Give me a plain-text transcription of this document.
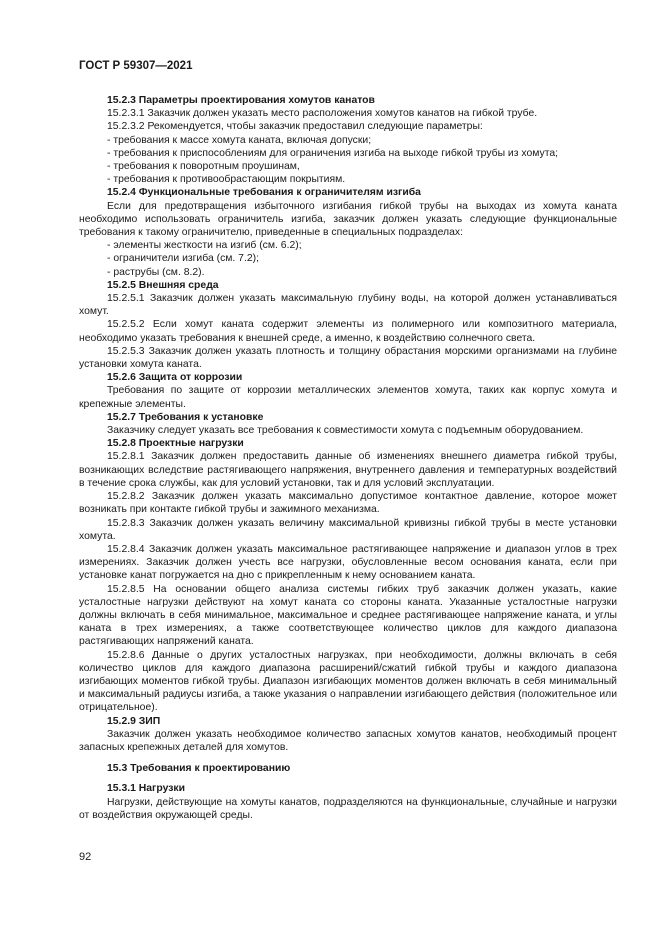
ГОСТ Р 59307—2021
15.2.3 Параметры проектирования хомутов канатов
15.2.3.1 Заказчик должен указать место расположения хомутов канатов на гибкой трубе.
15.2.3.2 Рекомендуется, чтобы заказчик предоставил следующие параметры:
- требования к массе хомута каната, включая допуски;
- требования к приспособлениям для ограничения изгиба на выходе гибкой трубы из хомута;
- требования к поворотным проушинам,
- требования к противообрастающим покрытиям.
15.2.4 Функциональные требования к ограничителям изгиба
Если для предотвращения избыточного изгибания гибкой трубы на выходах из хомута каната необходимо использовать ограничитель изгиба, заказчик должен указать следующие функциональные требования к такому ограничителю, приведенные в специальных подразделах:
- элементы жесткости на изгиб (см. 6.2);
- ограничители изгиба (см. 7.2);
- раструбы (см. 8.2).
15.2.5 Внешняя среда
15.2.5.1 Заказчик должен указать максимальную глубину воды, на которой должен устанавливаться хомут.
15.2.5.2 Если хомут каната содержит элементы из полимерного или композитного материала, необходимо указать требования к внешней среде, а именно, к воздействию солнечного света.
15.2.5.3 Заказчик должен указать плотность и толщину обрастания морскими организмами на глубине установки хомута каната.
15.2.6 Защита от коррозии
Требования по защите от коррозии металлических элементов хомута, таких как корпус хомута и крепежные элементы.
15.2.7 Требования к установке
Заказчику следует указать все требования к совместимости хомута с подъемным оборудованием.
15.2.8 Проектные нагрузки
15.2.8.1 Заказчик должен предоставить данные об изменениях внешнего диаметра гибкой трубы, возникающих вследствие растягивающего напряжения, внутреннего давления и температурных воздействий в течение срока службы, как для условий установки, так и для условий эксплуатации.
15.2.8.2 Заказчик должен указать максимально допустимое контактное давление, которое может возникать при контакте гибкой трубы и зажимного механизма.
15.2.8.3 Заказчик должен указать величину максимальной кривизны гибкой трубы в месте установки хомута.
15.2.8.4 Заказчик должен указать максимальное растягивающее напряжение и диапазон углов в трех измерениях. Заказчик должен учесть все нагрузки, обусловленные весом основания каната, если при установке канат погружается на дно с прикрепленным к нему основанием каната.
15.2.8.5 На основании общего анализа системы гибких труб заказчик должен указать, какие усталостные нагрузки действуют на хомут каната со стороны каната. Указанные усталостные нагрузки должны включать в себя минимальное, максимальное и среднее растягивающее напряжение каната, и углы каната в трех измерениях, а также соответствующее количество циклов для каждого диапазона растягивающих напряжений каната.
15.2.8.6 Данные о других усталостных нагрузках, при необходимости, должны включать в себя количество циклов для каждого диапазона расширений/сжатий гибкой трубы и каждого диапазона изгибающих моментов гибкой трубы. Диапазон изгибающих моментов должен включать в себя минимальный и максимальный радиусы изгиба, а также указания о направлении изгибающего действия (положительное или отрицательное).
15.2.9 ЗИП
Заказчик должен указать необходимое количество запасных хомутов канатов, необходимый процент запасных крепежных деталей для хомутов.
15.3 Требования к проектированию
15.3.1 Нагрузки
Нагрузки, действующие на хомуты канатов, подразделяются на функциональные, случайные и нагрузки от воздействия окружающей среды.
92
